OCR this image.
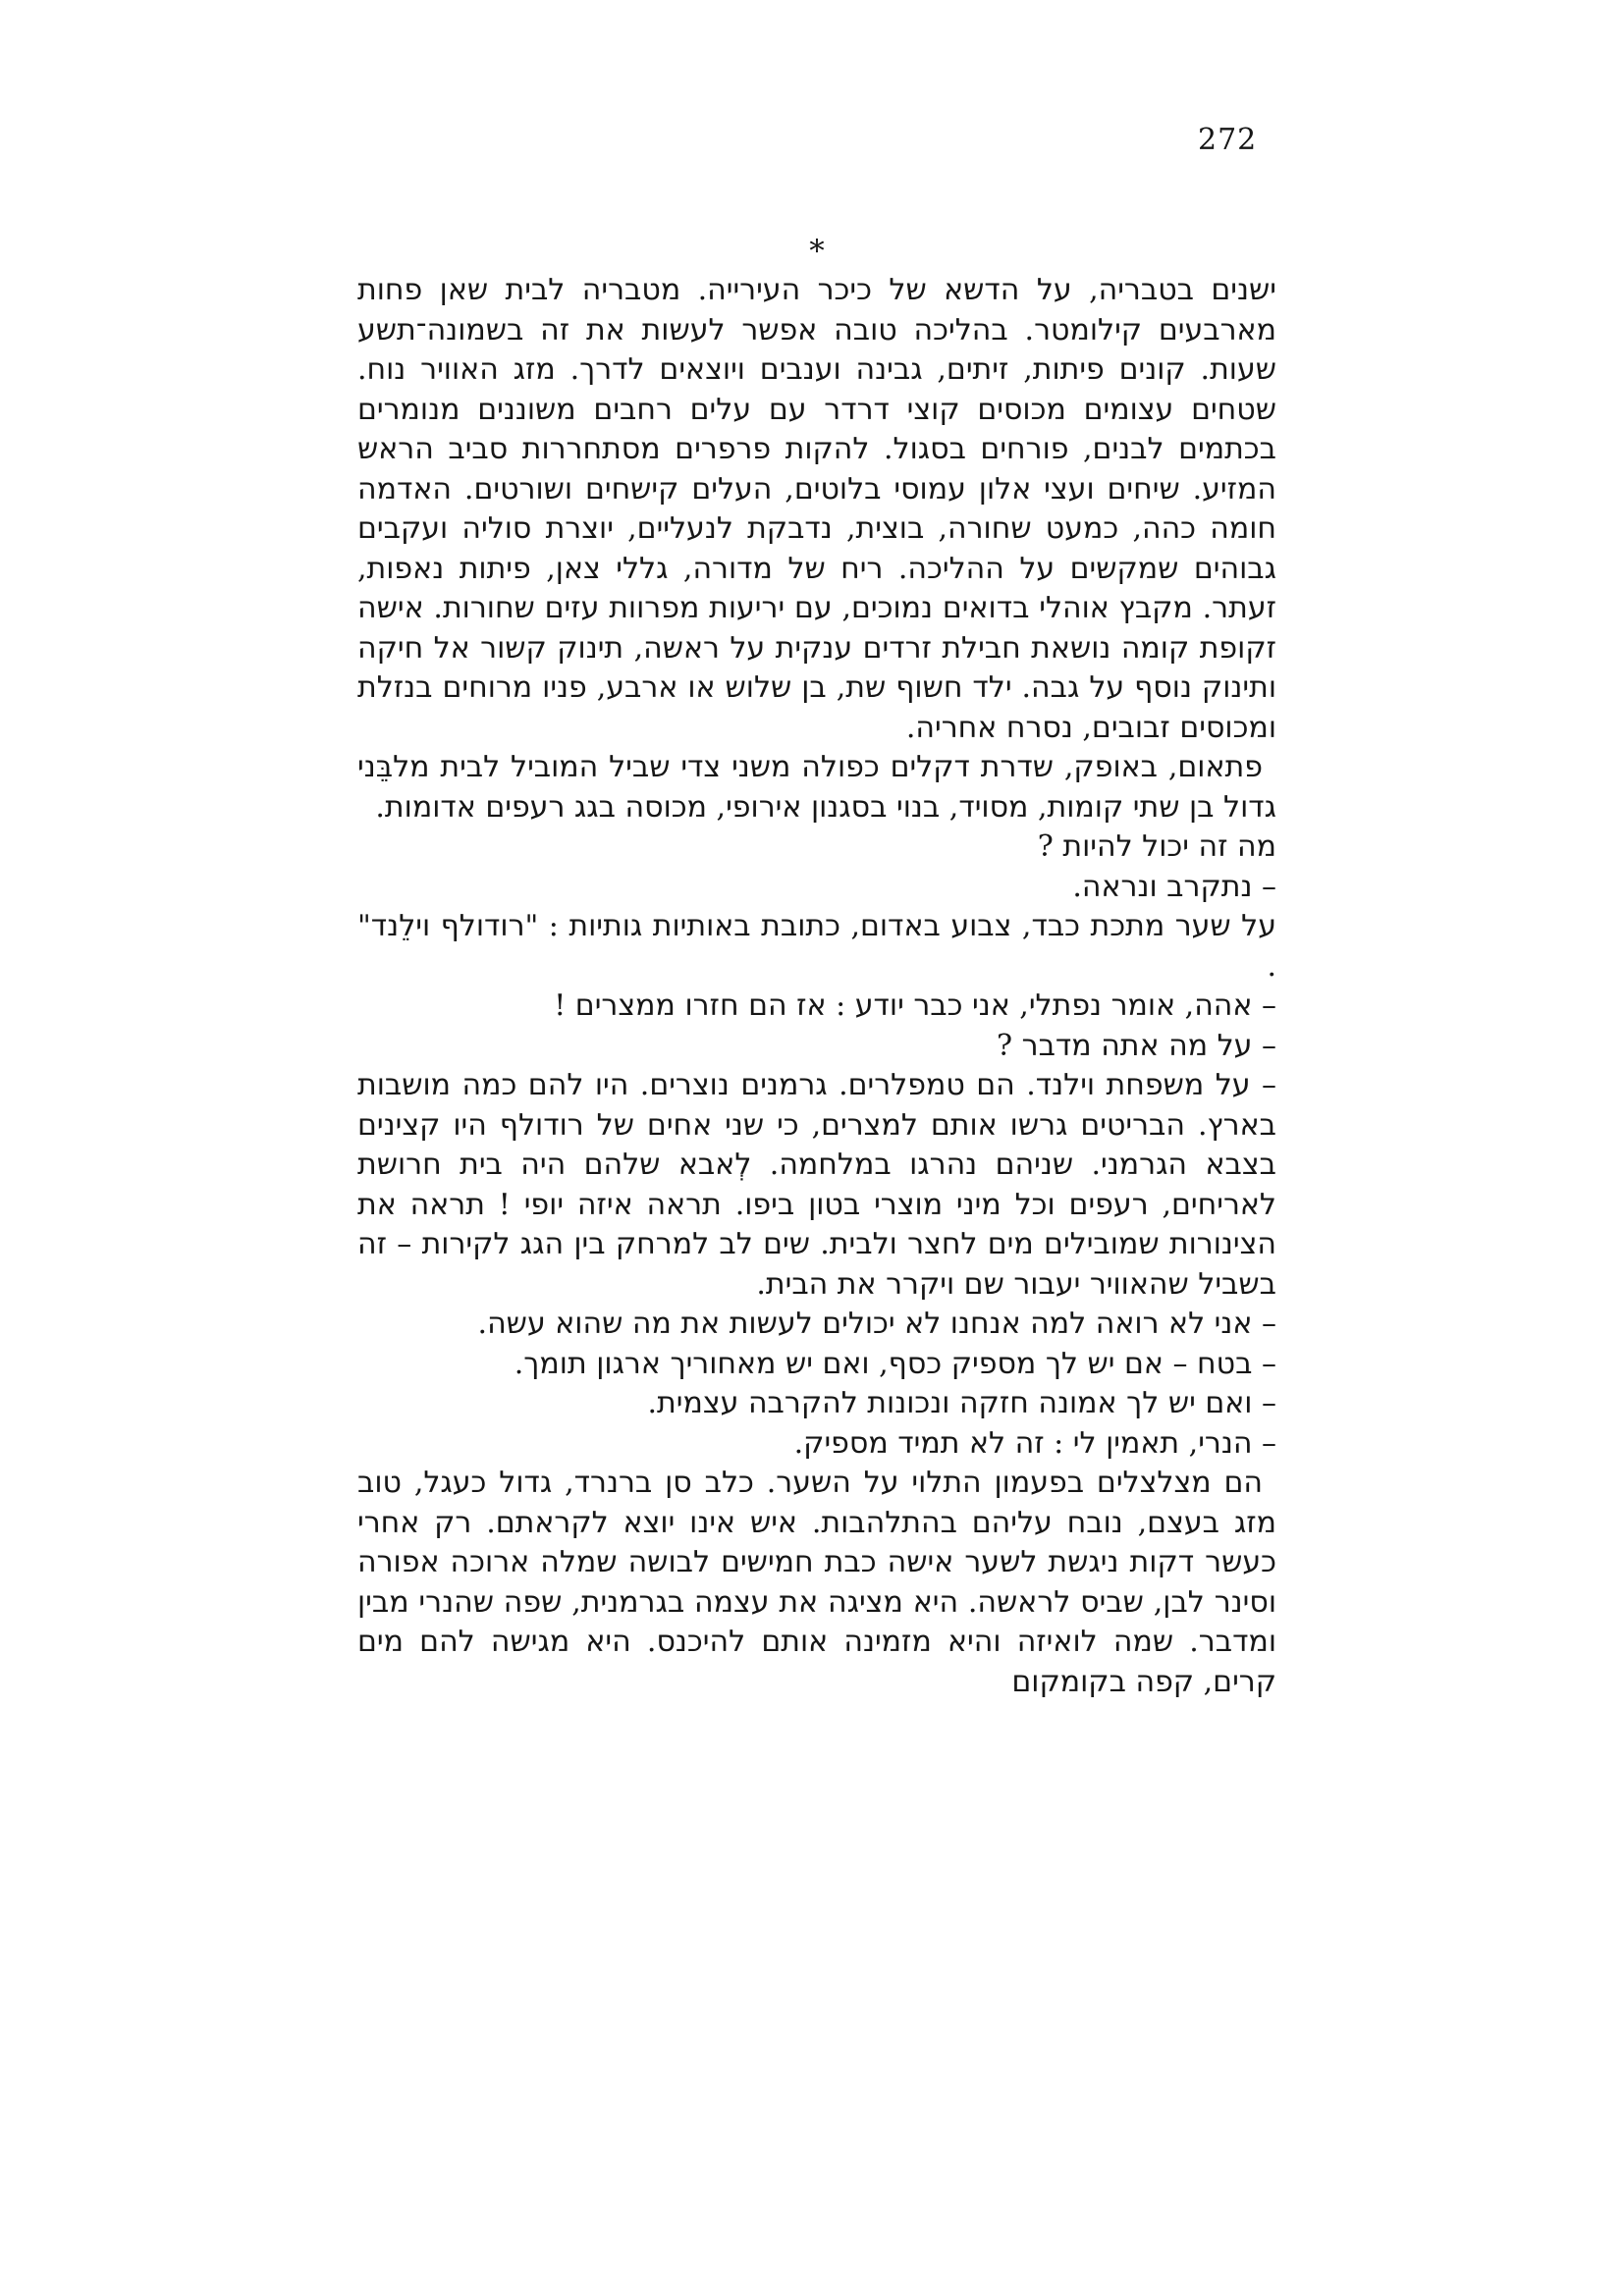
272

*

ישנים בטבריה, על הדשא של כיכר העירייה. מטבריה לבית שאן פחות מארבעים קילומטר. בהליכה טובה אפשר לעשות את זה בשמונה־תשע שעות. קונים פיתות, זיתים, גבינה וענבים ויוצאים לדרך. מזג האוויר נוח. שטחים עצומים מכוסים קוצי דרדר עם עלים רחבים משוננים מנומרים בכתמים לבנים, פורחים בסגול. להקות פרפרים מסתחררות סביב הראש המזיע. שיחים ועצי אלון עמוסי בלוטים, העלים קישחים ושורטים. האדמה חומה כהה, כמעט שחורה, בוצית, נדבקת לנעליים, יוצרת סוליה ועקבים גבוהים שמקשים על ההליכה. ריח של מדורה, גללי צאן, פיתות נאפות, זעתר. מקבץ אוהלי בדואים נמוכים, עם יריעות מפרוות עזים שחורות. אישה זקופת קומה נושאת חבילת זרדים ענקית על ראשה, תינוק קשור אל חיקה ותינוק נוסף על גבה. ילד חשוף שת, בן שלוש או ארבע, פניו מרוחים בנזלת ומכוסים זבובים, נסרח אחריה.

פתאום, באופק, שדרת דקלים כפולה משני צדי שביל המוביל לבית מלבֵּני גדול בן שתי קומות, מסויד, בנוי בסגנון אירופי, מכוסה בגג רעפים אדומות.

מה זה יכול להיות ?

– נתקרב ונראה.

על שער מתכת כבד, צבוע באדום, כתובת באותיות גותיות : "רודולף וילֵנד" .

– אהה, אומר נפתלי, אני כבר יודע : אז הם חזרו ממצרים !

– על מה אתה מדבר ?

– על משפחת וילנד. הם טמפלרים. גרמנים נוצרים. היו להם כמה מושבות בארץ. הבריטים גרשו אותם למצרים, כי שני אחים של רודולף היו קצינים בצבא הגרמני. שניהם נהרגו במלחמה. לְאבא שלהם היה בית חרושת לאריחים, רעפים וכל מיני מוצרי בטון ביפו. תראה איזה יופי ! תראה את הצינורות שמובילים מים לחצר ולבית. שים לב למרחק בין הגג לקירות – זה בשביל שהאוויר יעבור שם ויקרר את הבית.

– אני לא רואה למה אנחנו לא יכולים לעשות את מה שהוא עשה.

– בטח – אם יש לך מספיק כסף, ואם יש מאחוריך ארגון תומך.

– ואם יש לך אמונה חזקה ונכונות להקרבה עצמית.

– הנרי, תאמין לי : זה לא תמיד מספיק.

הם מצלצלים בפעמון התלוי על השער. כלב סן ברנרד, גדול כעגל, טוב מזג בעצם, נובח עליהם בהתלהבות. איש אינו יוצא לקראתם. רק אחרי כעשר דקות ניגשת לשער אישה כבת חמישים לבושה שמלה ארוכה אפורה וסינר לבן, שביס לראשה. היא מציגה את עצמה בגרמנית, שפה שהנרי מבין ומדבר. שמה לואיזה והיא מזמינה אותם להיכנס. היא מגישה להם מים קרים, קפה בקומקום
